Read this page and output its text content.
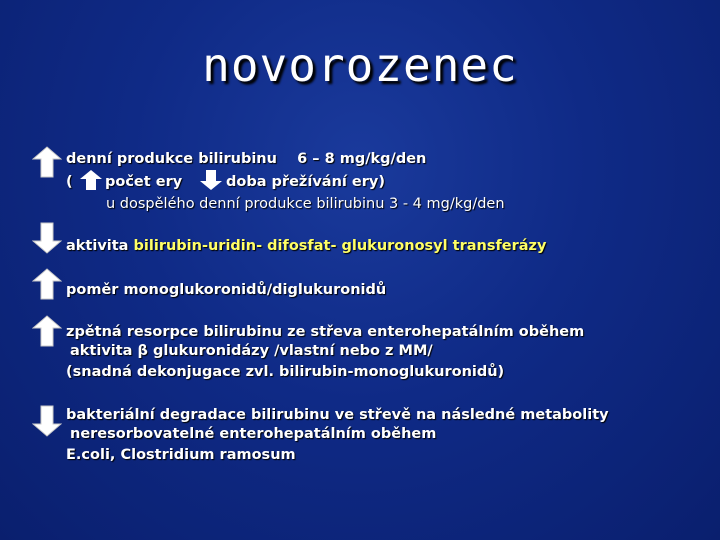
novorozenec
denní produkce bilirubinu 6 – 8 mg/kg/den
( počet ery	doba přežívání ery)
u dospělého denní produkce bilirubinu 3 - 4 mg/kg/den
aktivita bilirubin-uridin- difosfat- glukuronosyl transferázy
poměr monoglukoronidů/diglukuronidů
zpětná resorpce bilirubinu ze střeva enterohepatálním oběhem
aktivita β glukuronidázy /vlastní nebo z MM/
(snadná dekonjugace zvl. bilirubin-monoglukuronidů)
bakteriální degradace bilirubinu ve střevě na následné metabolity
neresorbovatelné enterohepatálním oběhem
E.coli, Clostridium ramosum
